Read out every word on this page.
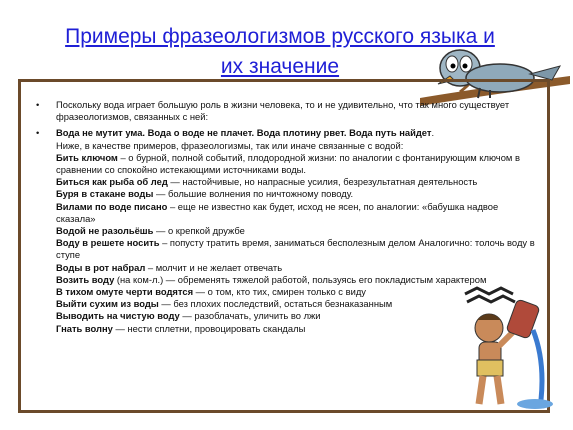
Примеры фразеологизмов русского языка и
их значение
• Поскольку вода играет большую роль в жизни человека, то и не удивительно, что так много существует фразеологизмов, связанных с ней:
• Вода не мутит ума. Вода о воде не плачет. Вода плотину рвет. Вода путь найдет.
Ниже, в качестве примеров, фразеологизмы, так или иначе связанные с водой:
Бить ключом – о бурной, полной событий, плодородной жизни: по аналогии с фонтанирующим ключом в сравнении со спокойно истекающими источниками воды.
Биться как рыба об лед — настойчивые, но напрасные усилия, безрезультатная деятельность
Буря в стакане воды — большие волнения по ничтожному поводу.
Вилами по воде писано – еще не известно как будет, исход не ясен, по аналогии: «бабушка надвое сказала»
Водой не разольёшь — о крепкой дружбе
Воду в решете носить – попусту тратить время, заниматься бесполезным делом Аналогично: толочь воду в ступе
Воды в рот набрал – молчит и не желает отвечать
Возить воду (на ком-л.) — обременять тяжелой работой, пользуясь его покладистым характером
В тихом омуте черти водятся — о том, кто тих, смирен только с виду
Выйти сухим из воды — без плохих последствий, остаться безнаказанным
Выводить на чистую воду — разоблачать, уличить во лжи
Гнать волну — нести сплетни, провоцировать скандалы
